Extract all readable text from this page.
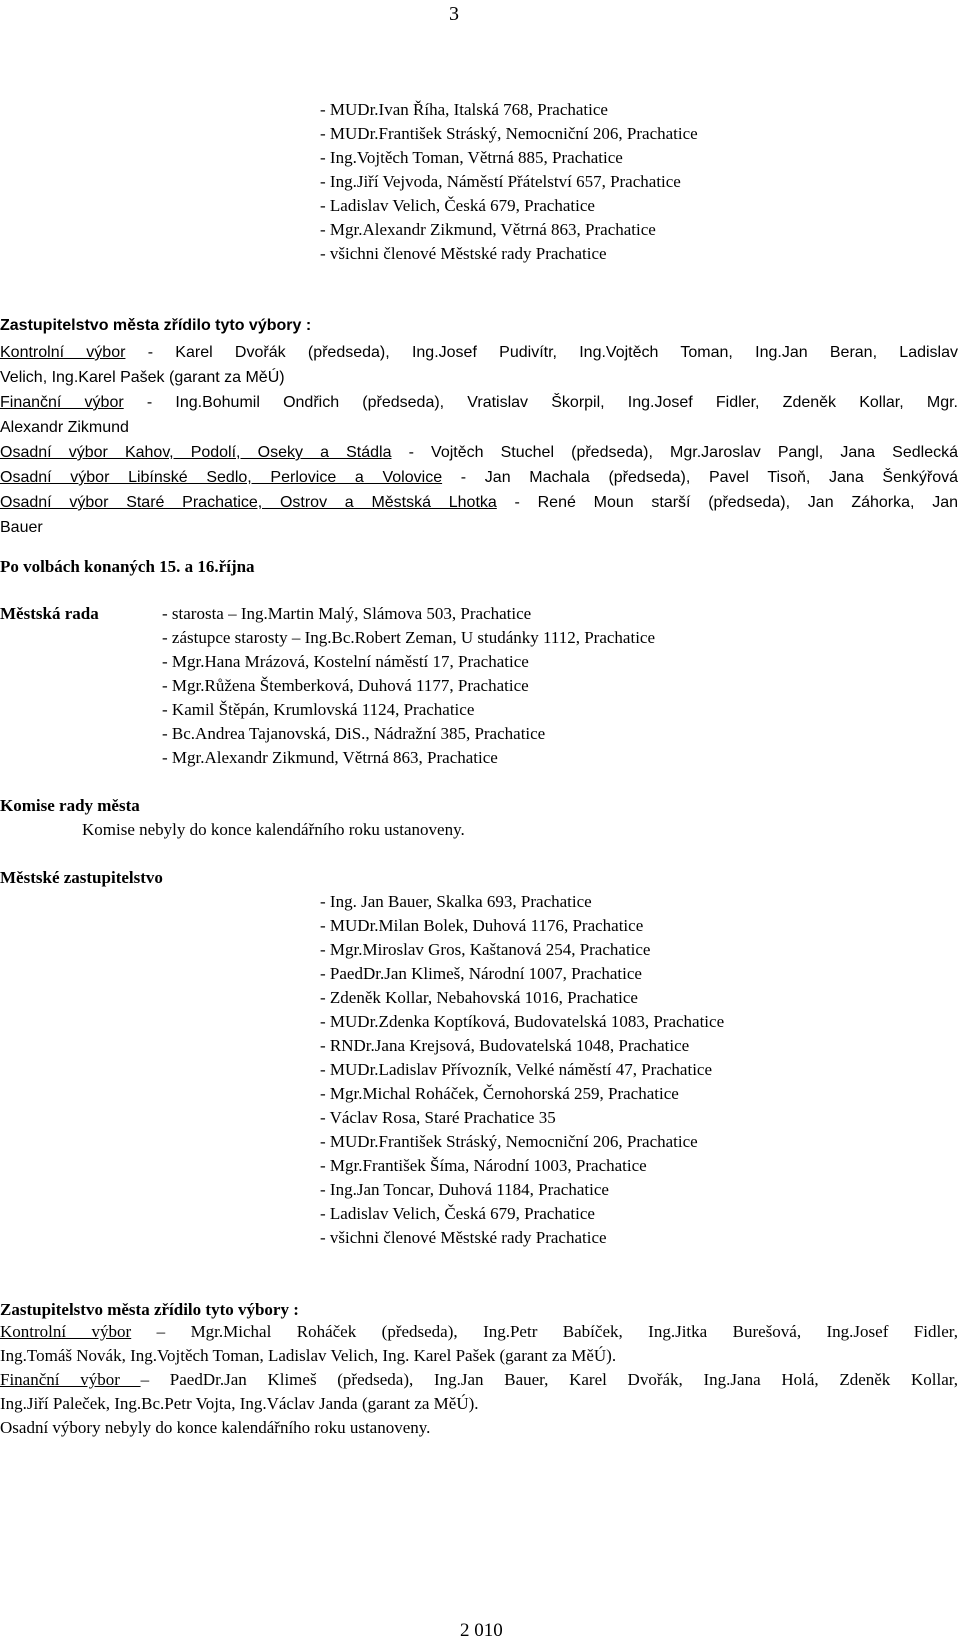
3
- MUDr.Ivan Říha, Italská 768, Prachatice
- MUDr.František Stráský, Nemocniční 206, Prachatice
- Ing.Vojtěch Toman, Větrná 885, Prachatice
- Ing.Jiří Vejvoda, Náměstí Přátelství 657, Prachatice
- Ladislav Velich, Česká 679, Prachatice
- Mgr.Alexandr Zikmund, Větrná 863, Prachatice
- všichni členové Městské rady Prachatice
Zastupitelstvo města zřídilo tyto výbory :
Kontrolní výbor - Karel Dvořák (předseda), Ing.Josef Pudivítr, Ing.Vojtěch Toman, Ing.Jan Beran, Ladislav
Velich, Ing.Karel Pašek (garant za MěÚ)
Finanční výbor - Ing.Bohumil Ondřich (předseda), Vratislav Škorpil, Ing.Josef Fidler, Zdeněk Kollar, Mgr.
Alexandr Zikmund
Osadní výbor Kahov, Podolí, Oseky a Stádla - Vojtěch Stuchel (předseda), Mgr.Jaroslav Pangl, Jana Sedlecká
Osadní výbor Libínské Sedlo, Perlovice a Volovice - Jan Machala (předseda), Pavel Tisoň, Jana Šenkýřová
Osadní výbor Staré Prachatice, Ostrov a Městská Lhotka - René Moun starší (předseda), Jan Záhorka, Jan
Bauer
Po volbách konaných 15. a 16.října
Městská rada	- starosta – Ing.Martin Malý, Slámova 503, Prachatice
- zástupce starosty – Ing.Bc.Robert Zeman, U studánky 1112, Prachatice
- Mgr.Hana Mrázová, Kostelní náměstí 17, Prachatice
- Mgr.Růžena Štemberková, Duhová 1177, Prachatice
- Kamil Štěpán, Krumlovská 1124, Prachatice
- Bc.Andrea Tajanovská, DiS., Nádražní 385, Prachatice
- Mgr.Alexandr Zikmund, Větrná 863, Prachatice
Komise rady města
Komise nebyly do konce kalendářního roku ustanoveny.
Městské zastupitelstvo
- Ing. Jan Bauer, Skalka 693, Prachatice
- MUDr.Milan Bolek, Duhová 1176, Prachatice
- Mgr.Miroslav Gros, Kaštanová 254, Prachatice
- PaedDr.Jan Klimeš, Národní 1007, Prachatice
- Zdeněk Kollar, Nebahovská 1016, Prachatice
- MUDr.Zdenka Koptíková, Budovatelská 1083, Prachatice
- RNDr.Jana Krejsová, Budovatelská 1048, Prachatice
- MUDr.Ladislav Přívozník, Velké náměstí 47, Prachatice
- Mgr.Michal Roháček, Černohorská 259, Prachatice
- Václav Rosa, Staré Prachatice 35
- MUDr.František Stráský, Nemocniční 206, Prachatice
- Mgr.František Šíma, Národní 1003, Prachatice
- Ing.Jan Toncar, Duhová 1184, Prachatice
- Ladislav Velich, Česká 679, Prachatice
- všichni členové Městské rady Prachatice
Zastupitelstvo města zřídilo tyto výbory :
Kontrolní výbor – Mgr.Michal Roháček (předseda), Ing.Petr Babíček, Ing.Jitka Burešová, Ing.Josef Fidler,
Ing.Tomáš Novák, Ing.Vojtěch Toman, Ladislav Velich, Ing. Karel Pašek (garant za MěÚ).
Finanční výbor – PaedDr.Jan Klimeš (předseda), Ing.Jan Bauer, Karel Dvořák, Ing.Jana Holá, Zdeněk Kollar,
Ing.Jiří Paleček, Ing.Bc.Petr Vojta, Ing.Václav Janda (garant za MěÚ).
Osadní výbory nebyly do konce kalendářního roku ustanoveny.
2 010
